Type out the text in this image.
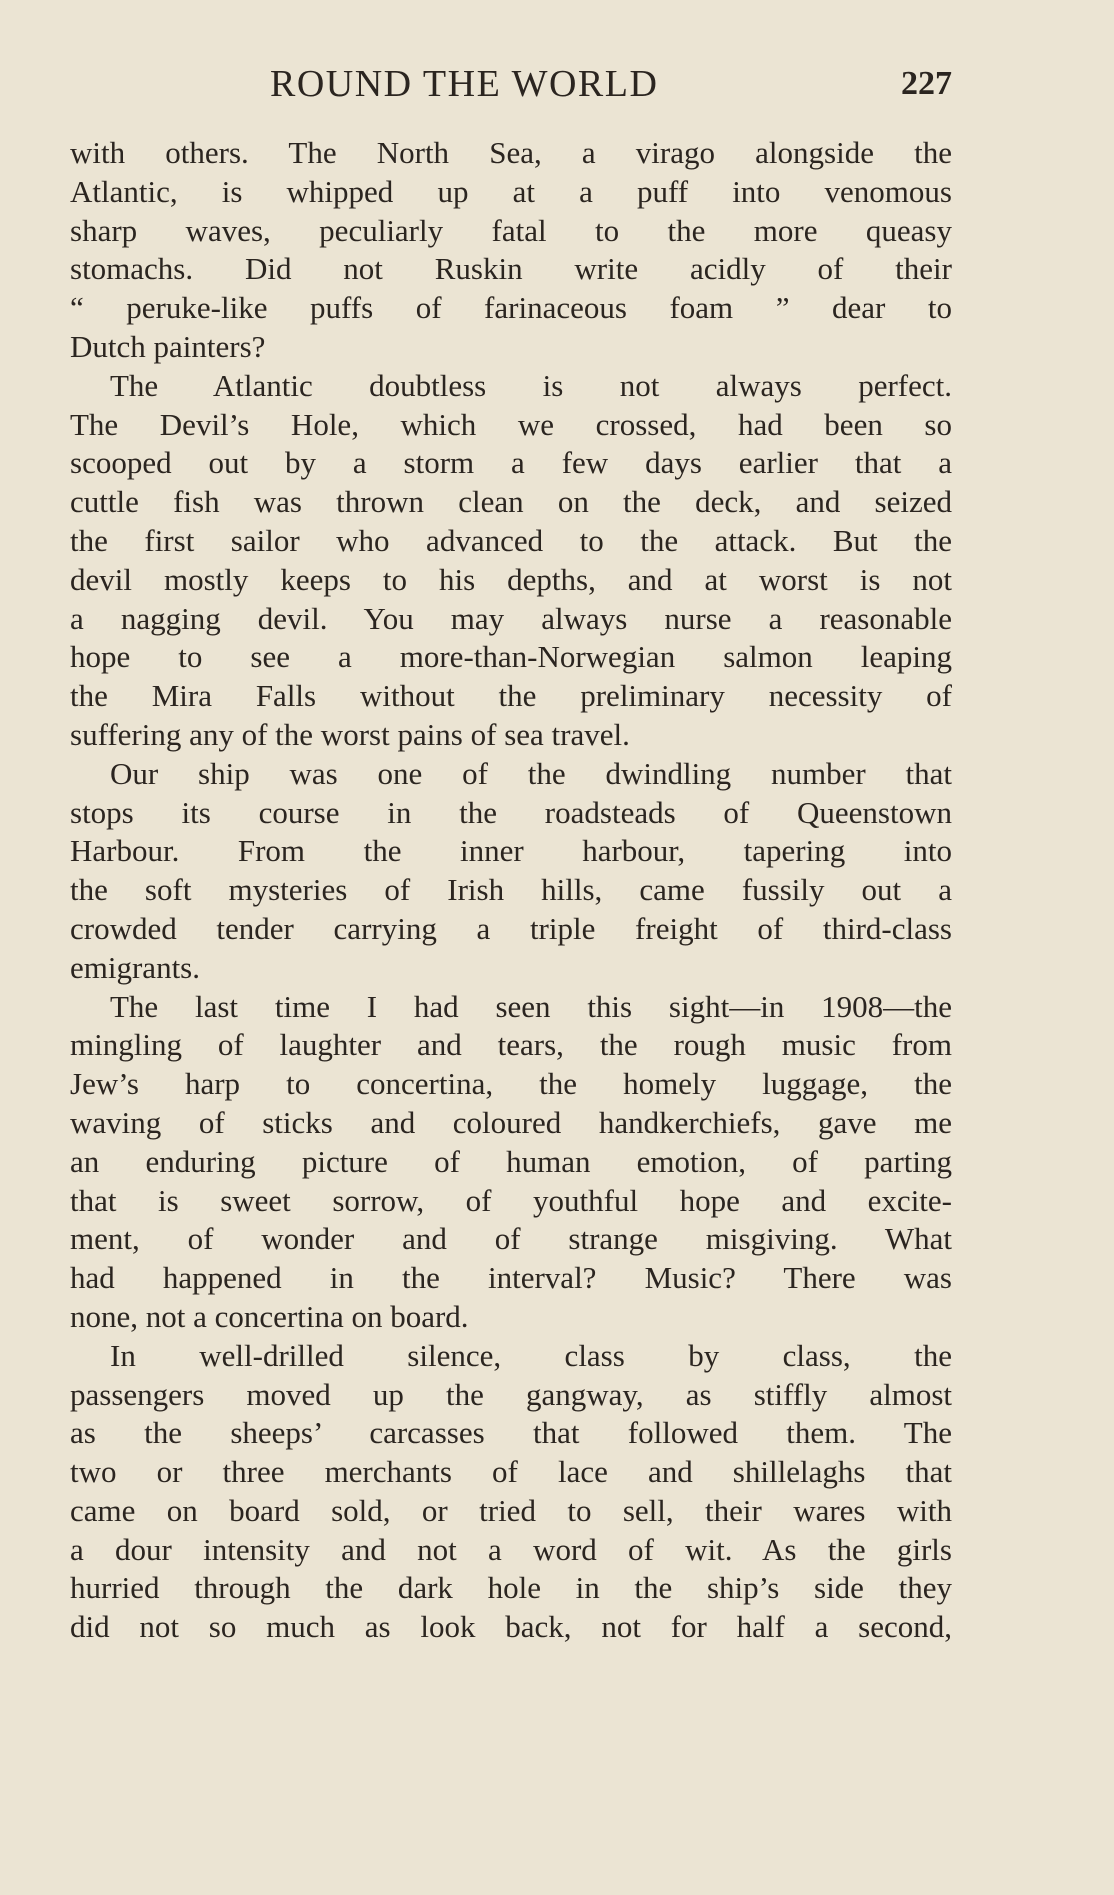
ROUND THE WORLD	227
with others. The North Sea, a virago alongside the
Atlantic, is whipped up at a puff into venomous
sharp waves, peculiarly fatal to the more queasy
stomachs. Did not Ruskin write acidly of their
“ peruke-like puffs of farinaceous foam ” dear to
Dutch painters?
The Atlantic doubtless is not always perfect.
The Devil’s Hole, which we crossed, had been so
scooped out by a storm a few days earlier that a
cuttle fish was thrown clean on the deck, and seized
the first sailor who advanced to the attack. But the
devil mostly keeps to his depths, and at worst is not
a nagging devil. You may always nurse a reasonable
hope to see a more-than-Norwegian salmon leaping
the Mira Falls without the preliminary necessity of
suffering any of the worst pains of sea travel.
Our ship was one of the dwindling number that
stops its course in the roadsteads of Queenstown
Harbour. From the inner harbour, tapering into
the soft mysteries of Irish hills, came fussily out a
crowded tender carrying a triple freight of third-class
emigrants.
The last time I had seen this sight—in 1908—the
mingling of laughter and tears, the rough music from
Jew’s harp to concertina, the homely luggage, the
waving of sticks and coloured handkerchiefs, gave me
an enduring picture of human emotion, of parting
that is sweet sorrow, of youthful hope and excite-
ment, of wonder and of strange misgiving. What
had happened in the interval? Music? There was
none, not a concertina on board.
In well-drilled silence, class by class, the
passengers moved up the gangway, as stiffly almost
as the sheeps’ carcasses that followed them. The
two or three merchants of lace and shillelaghs that
came on board sold, or tried to sell, their wares with
a dour intensity and not a word of wit. As the girls
hurried through the dark hole in the ship’s side they
did not so much as look back, not for half a second,
